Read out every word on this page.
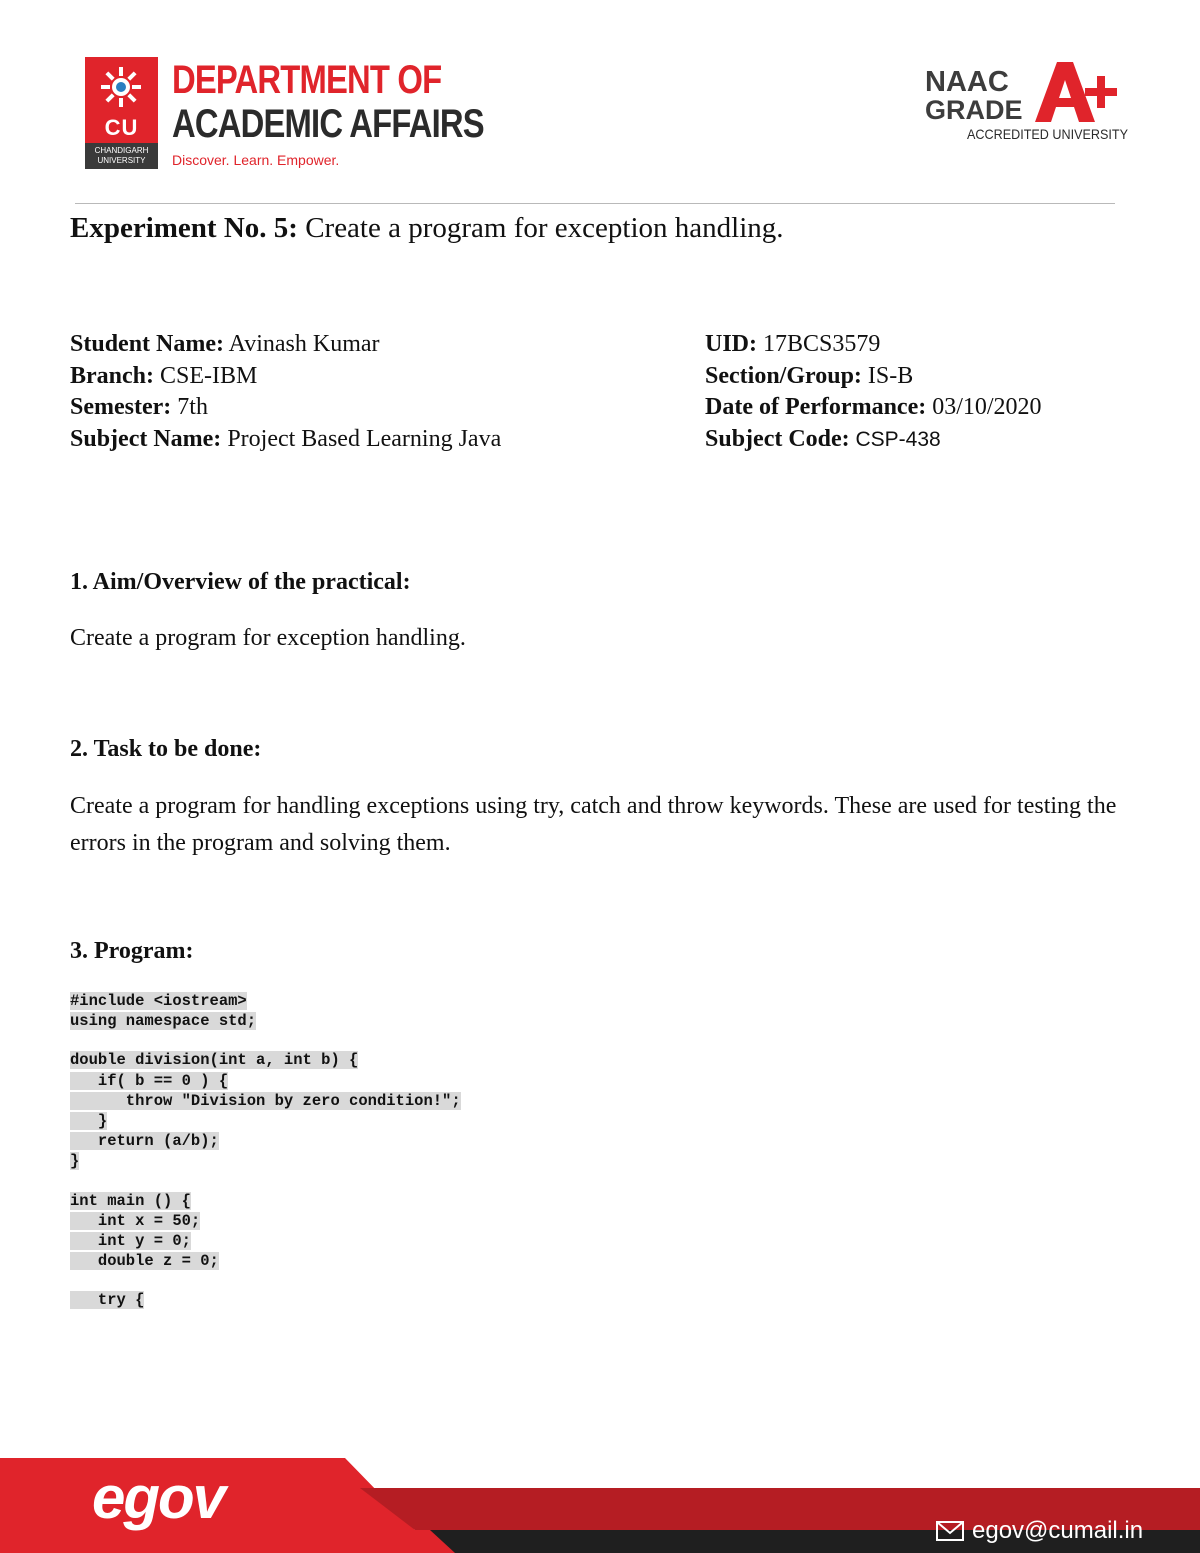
CU
CHANDIGARH UNIVERSITY
DEPARTMENT OF
ACADEMIC AFFAIRS
Discover. Learn. Empower.
NAAC
GRADE
ACCREDITED UNIVERSITY
Experiment No. 5: Create a program for exception handling.
Student Name: Avinash Kumar
Branch: CSE-IBM
Semester: 7th
Subject Name: Project Based Learning Java
UID: 17BCS3579
Section/Group: IS-B
Date of Performance: 03/10/2020
Subject Code: CSP-438
1. Aim/Overview of the practical:
Create a program for exception handling.
2. Task to be done:
Create a program for handling exceptions using try, catch and throw keywords. These are used for testing the errors in the program and solving them.
3. Program:
#include <iostream>
using namespace std;
double division(int a, int b) {
if( b == 0 ) {
throw "Division by zero condition!";
}
return (a/b);
}
int main () {
int x = 50;
int y = 0;
double z = 0;
try {
egov	egov@cumail.in
